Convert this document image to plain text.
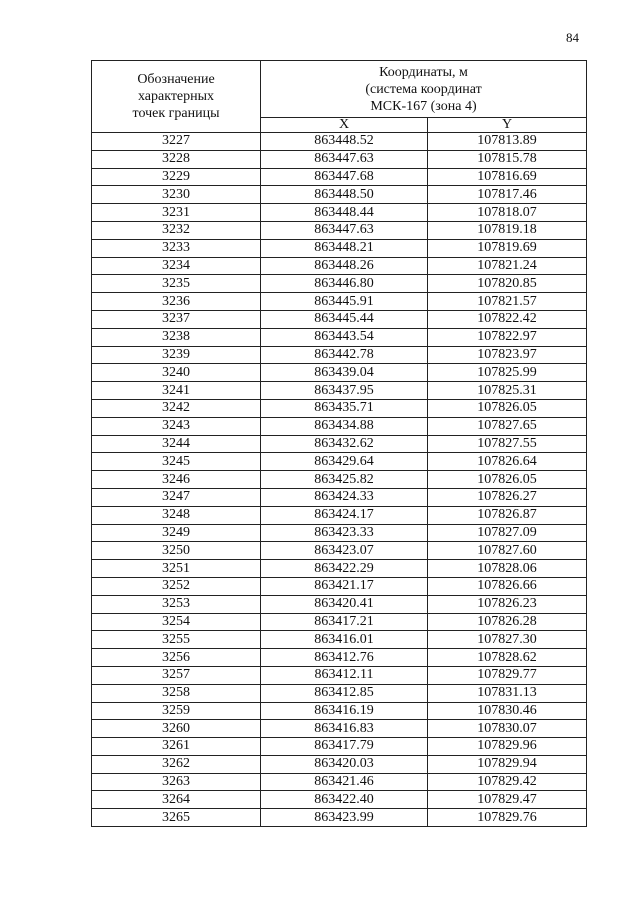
84
Обозначение
характерных
точек границы	Координаты, м
(система координат
МСК-167 (зона 4)	

	X	Y
3227	863448.52	107813.89
3228	863447.63	107815.78
3229	863447.68	107816.69
3230	863448.50	107817.46
3231	863448.44	107818.07
3232	863447.63	107819.18
3233	863448.21	107819.69
3234	863448.26	107821.24
3235	863446.80	107820.85
3236	863445.91	107821.57
3237	863445.44	107822.42
3238	863443.54	107822.97
3239	863442.78	107823.97
3240	863439.04	107825.99
3241	863437.95	107825.31
3242	863435.71	107826.05
3243	863434.88	107827.65
3244	863432.62	107827.55
3245	863429.64	107826.64
3246	863425.82	107826.05
3247	863424.33	107826.27
3248	863424.17	107826.87
3249	863423.33	107827.09
3250	863423.07	107827.60
3251	863422.29	107828.06
3252	863421.17	107826.66
3253	863420.41	107826.23
3254	863417.21	107826.28
3255	863416.01	107827.30
3256	863412.76	107828.62
3257	863412.11	107829.77
3258	863412.85	107831.13
3259	863416.19	107830.46
3260	863416.83	107830.07
3261	863417.79	107829.96
3262	863420.03	107829.94
3263	863421.46	107829.42
3264	863422.40	107829.47
3265	863423.99	107829.76
